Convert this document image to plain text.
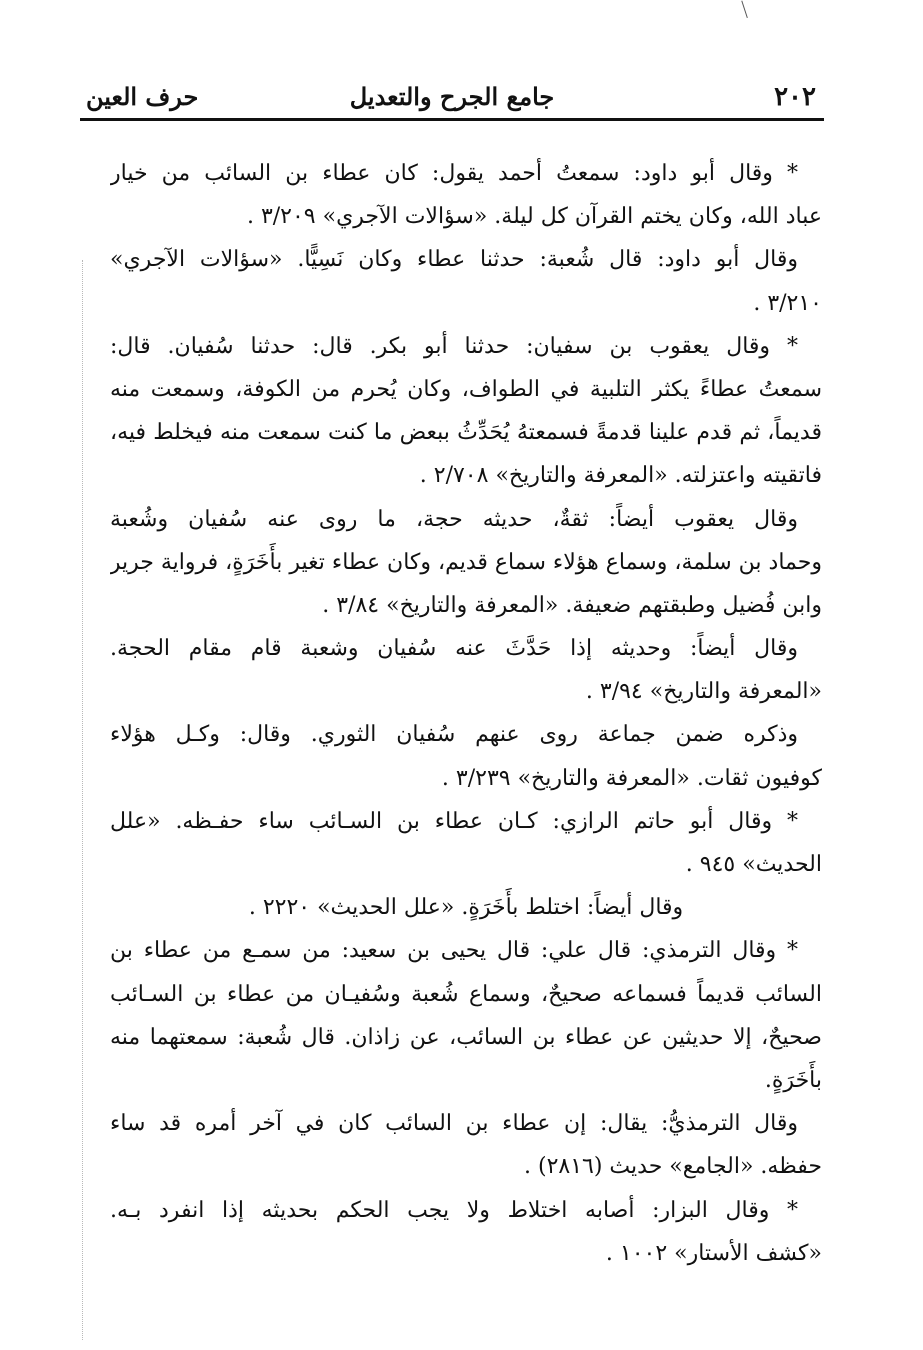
٢٠٢
جامع الجرح والتعديل
حرف العين
* وقال أبو داود: سمعتُ أحمد يقول: كان عطاء بن السائب من خيار
عباد الله، وكان يختم القرآن كل ليلة. «سؤالات الآجري» ٣/٢٠٩ .
وقال أبو داود: قال شُعبة: حدثنا عطاء وكان نَسِيًّا. «سؤالات الآجري»
٣/٢١٠ .
* وقال يعقوب بن سفيان: حدثنا أبو بكر. قال: حدثنا سُفيان. قال:
سمعتُ عطاءً يكثر التلبية في الطواف، وكان يُحرم من الكوفة، وسمعت منه
قديماً، ثم قدم علينا قدمةً فسمعتهُ يُحَدِّثُ ببعض ما كنت سمعت منه فيخلط فيه،
فاتقيته واعتزلته. «المعرفة والتاريخ» ٢/٧٠٨ .
وقال يعقوب أيضاً: ثقةٌ، حديثه حجة، ما روى عنه سُفيان وشُعبة
وحماد بن سلمة، وسماع هؤلاء سماع قديم، وكان عطاء تغير بأَخَرَةٍ، فرواية جرير
وابن فُضيل وطبقتهم ضعيفة. «المعرفة والتاريخ» ٣/٨٤ .
وقال أيضاً: وحديثه إذا حَدَّثَ عنه سُفيان وشعبة قام مقام الحجة.
«المعرفة والتاريخ» ٣/٩٤ .
وذكره ضمن جماعة روى عنهم سُفيان الثوري. وقال: وكـل هؤلاء
كوفيون ثقات. «المعرفة والتاريخ» ٣/٢٣٩ .
* وقال أبو حاتم الرازي: كـان عطاء بن السـائب ساء حفـظه. «علل
الحديث» ٩٤٥ .
وقال أيضاً: اختلط بأَخَرَةٍ. «علل الحديث» ٢٢٢٠ .
* وقال الترمذي: قال علي: قال يحيى بن سعيد: من سمـع من عطاء بن
السائب قديماً فسماعه صحيحٌ، وسماع شُعبة وسُفيـان من عطاء بن السـائب
صحيحٌ، إلا حديثين عن عطاء بن السائب، عن زاذان. قال شُعبة: سمعتهما منه
بأَخَرَةٍ.
وقال الترمذيُّ: يقال: إن عطاء بن السائب كان في آخر أمره قد ساء
حفظه. «الجامع» حديث (٢٨١٦) .
* وقال البزار: أصابه اختلاط ولا يجب الحكم بحديثه إذا انفرد بـه.
«كشف الأستار» ١٠٠٢ .
